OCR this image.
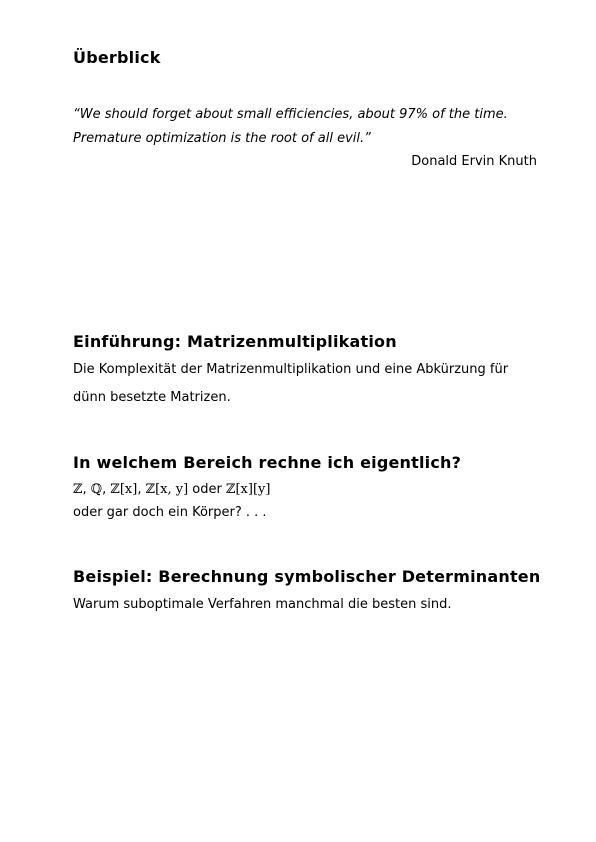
Überblick

“We should forget about small efficiencies, about 97% of the time.

Premature optimization is the root of all evil.”

Donald Ervin Knuth

Einführung: Matrizenmultiplikation

Die Komplexität der Matrizenmultiplikation und eine Abkürzung für

dünn besetzte Matrizen.

In welchem Bereich rechne ich eigentlich?

ℤ, ℚ, ℤ[x], ℤ[x, y] oder ℤ[x][y]

oder gar doch ein Körper? . . .

Beispiel: Berechnung symbolischer Determinanten

Warum suboptimale Verfahren manchmal die besten sind.
